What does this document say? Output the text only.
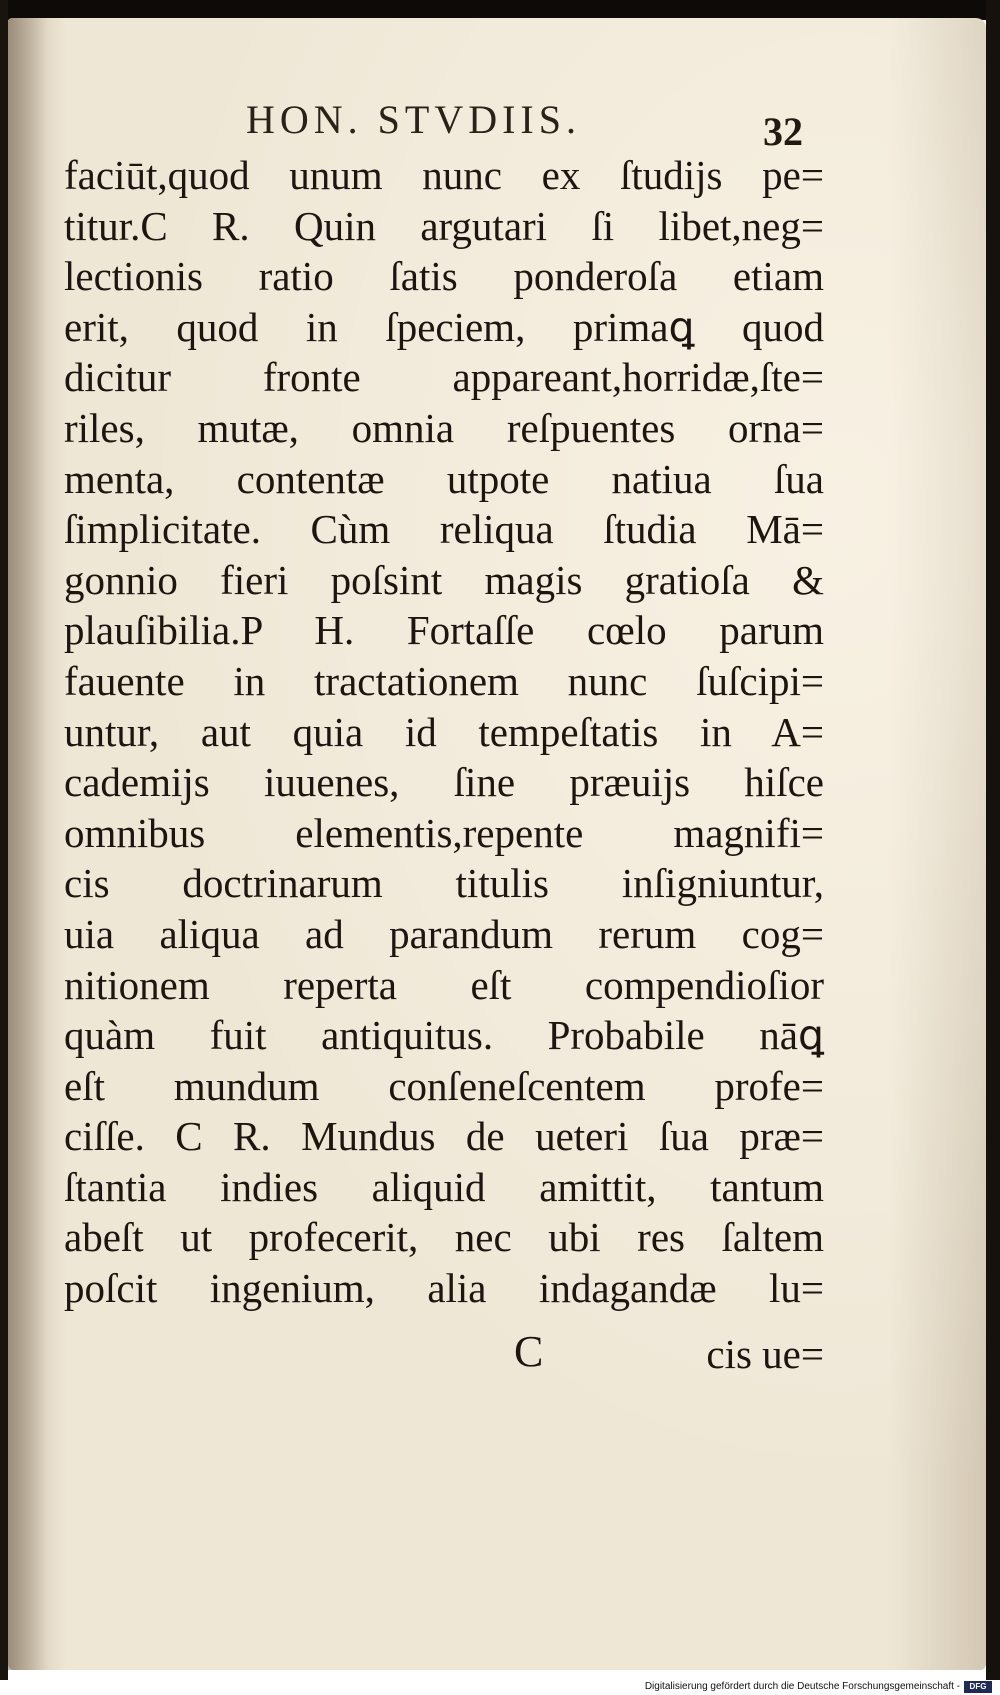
HON. STVDIIS.	32
faciūt,quod unum nunc ex ſtudijs pe=
titur.C R. Quin argutari ſi libet,neg=
lectionis ratio ſatis ponderoſa etiam
erit, quod in ſpeciem, primaꝗ quod
dicitur fronte appareant,horridæ,ſte=
riles, mutæ, omnia reſpuentes orna=
menta, contentæ utpote natiua ſua
ſimplicitate. Cùm reliqua ſtudia Mā=
gonnio fieri poſsint magis gratioſa &
plauſibilia.P H. Fortaſſe cœlo parum
fauente in tractationem nunc ſuſcipi=
untur, aut quia id tempeſtatis in A=
cademijs iuuenes, ſine præuijs hiſce
omnibus elementis,repente magnifi=
cis doctrinarum titulis inſigniuntur,
uia aliqua ad parandum rerum cog=
nitionem reperta eſt compendioſior
quàm fuit antiquitus. Probabile nāꝗ
eſt mundum conſeneſcentem profe=
ciſſe. C R. Mundus de ueteri ſua præ=
ſtantia indies aliquid amittit, tantum
abeſt ut profecerit, nec ubi res ſaltem
poſcit ingenium, alia indagandæ lu=
C	cis ue=
Digitalisierung gefördert durch die Deutsche Forschungsgemeinschaft -	DFG
